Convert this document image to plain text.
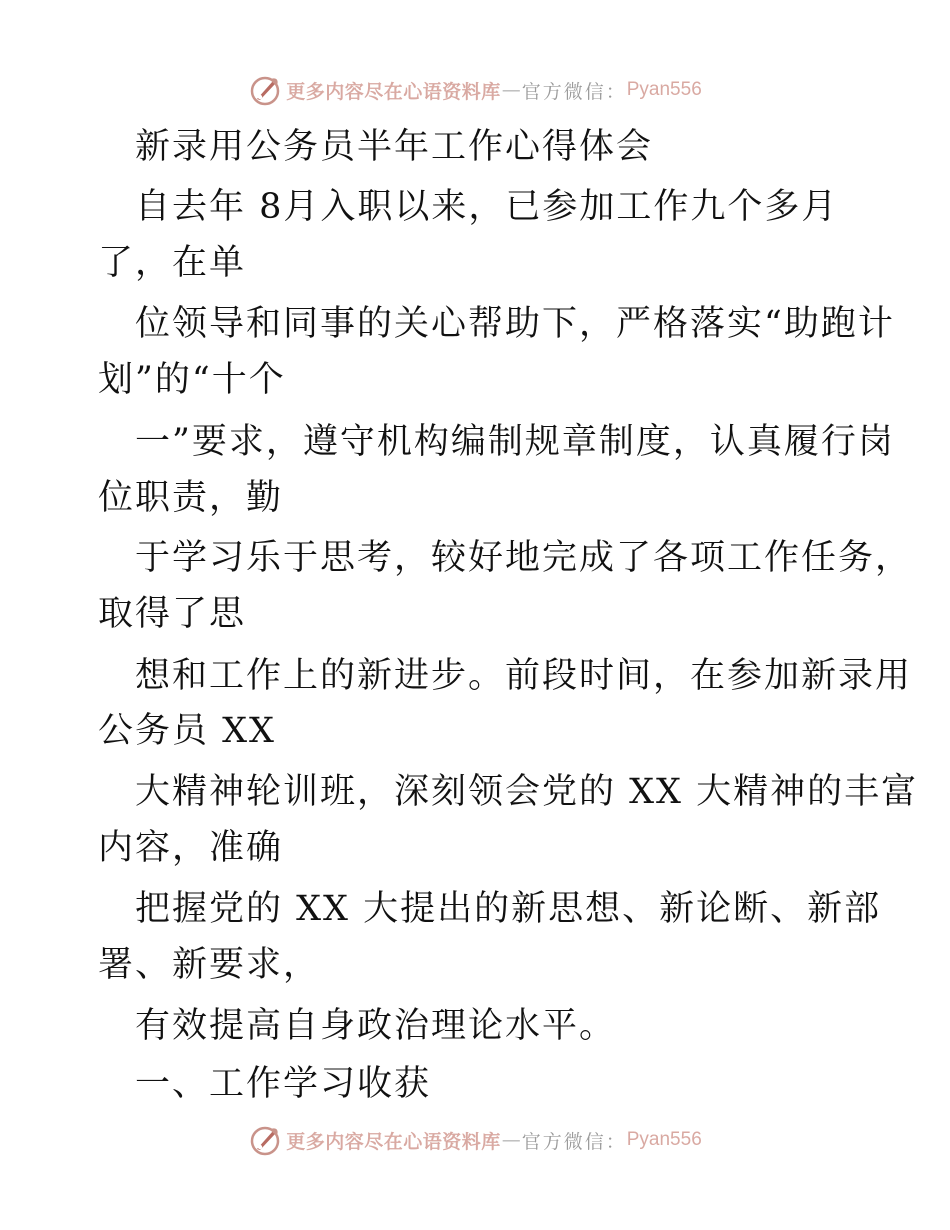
更多内容尽在心语资料库 — 官方微信： Pyan556
新录用公务员半年工作心得体会
自去年 8月入职以来，已参加工作九个多月
了，在单
位领导和同事的关心帮助下，严格落实“助跑计
划”的“十个
一”要求，遵守机构编制规章制度，认真履行岗
位职责，勤
于学习乐于思考，较好地完成了各项工作任务，
取得了思
想和工作上的新进步。前段时间，在参加新录用
公务员 XX
大精神轮训班，深刻领会党的 XX 大精神的丰富
内容，准确
把握党的 XX 大提出的新思想、新论断、新部
署、新要求，
有效提高自身政治理论水平。
一、工作学习收获
更多内容尽在心语资料库 — 官方微信： Pyan556
